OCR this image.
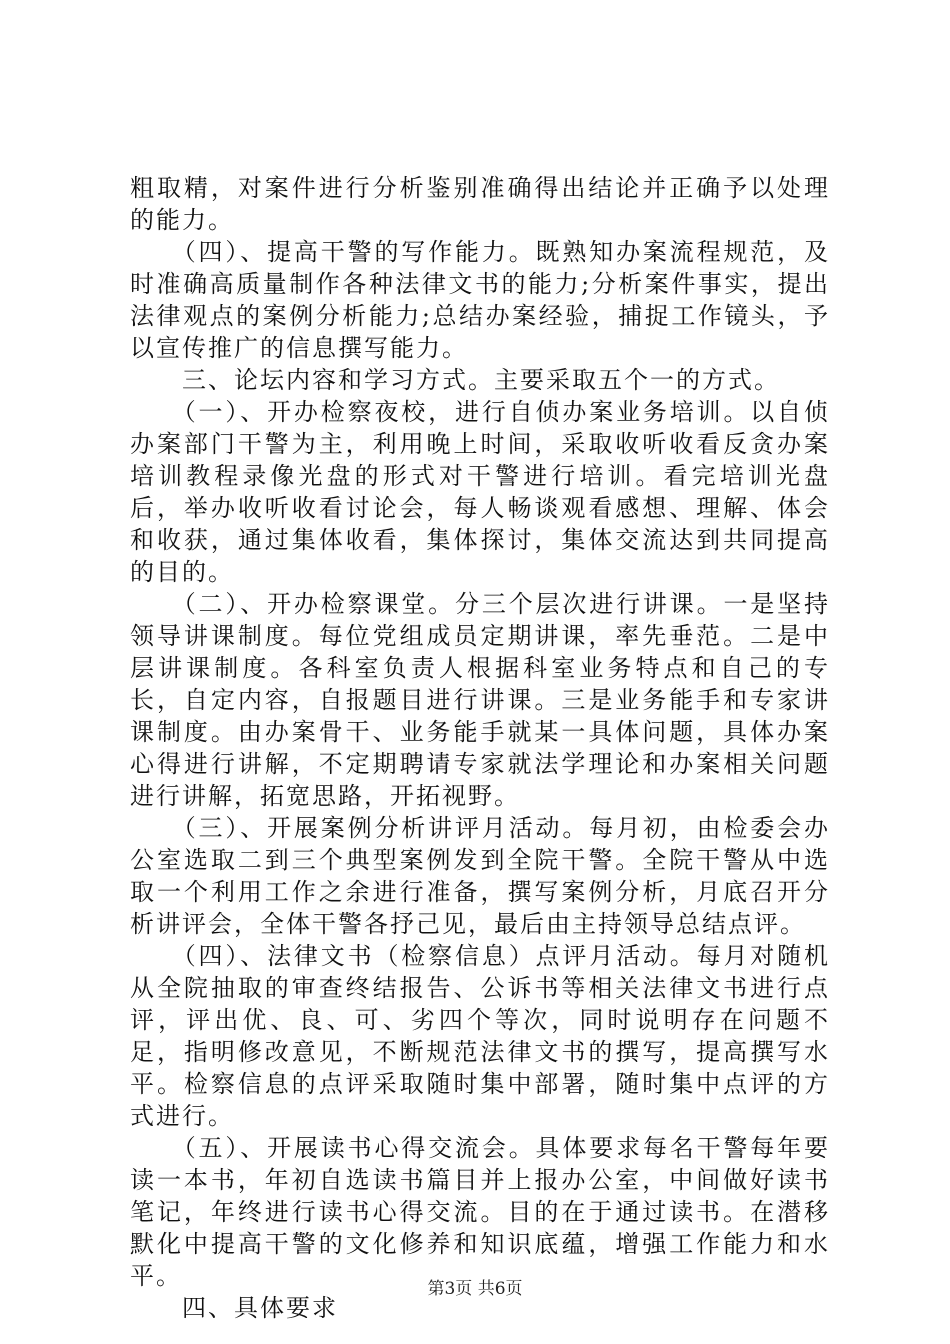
粗取精，对案件进行分析鉴别准确得出结论并正确予以处理的能力。

　　（四）、提高干警的写作能力。既熟知办案流程规范，及时准确高质量制作各种法律文书的能力;分析案件事实，提出法律观点的案例分析能力;总结办案经验，捕捉工作镜头，予以宣传推广的信息撰写能力。

　　三、论坛内容和学习方式。主要采取五个一的方式。

　　（一）、开办检察夜校，进行自侦办案业务培训。以自侦办案部门干警为主，利用晚上时间，采取收听收看反贪办案培训教程录像光盘的形式对干警进行培训。看完培训光盘后，举办收听收看讨论会，每人畅谈观看感想、理解、体会和收获，通过集体收看，集体探讨，集体交流达到共同提高的目的。

　　（二）、开办检察课堂。分三个层次进行讲课。一是坚持领导讲课制度。每位党组成员定期讲课，率先垂范。二是中层讲课制度。各科室负责人根据科室业务特点和自己的专长，自定内容，自报题目进行讲课。三是业务能手和专家讲课制度。由办案骨干、业务能手就某一具体问题，具体办案心得进行讲解，不定期聘请专家就法学理论和办案相关问题进行讲解，拓宽思路，开拓视野。

　　（三）、开展案例分析讲评月活动。每月初，由检委会办公室选取二到三个典型案例发到全院干警。全院干警从中选取一个利用工作之余进行准备，撰写案例分析，月底召开分析讲评会，全体干警各抒己见，最后由主持领导总结点评。

　　（四）、法律文书（检察信息）点评月活动。每月对随机从全院抽取的审查终结报告、公诉书等相关法律文书进行点评，评出优、良、可、劣四个等次，同时说明存在问题不足，指明修改意见，不断规范法律文书的撰写，提高撰写水平。检察信息的点评采取随时集中部署，随时集中点评的方式进行。

　　（五）、开展读书心得交流会。具体要求每名干警每年要读一本书，年初自选读书篇目并上报办公室，中间做好读书笔记，年终进行读书心得交流。目的在于通过读书。在潜移默化中提高干警的文化修养和知识底蕴，增强工作能力和水平。

　　四、具体要求

第3页 共6页
